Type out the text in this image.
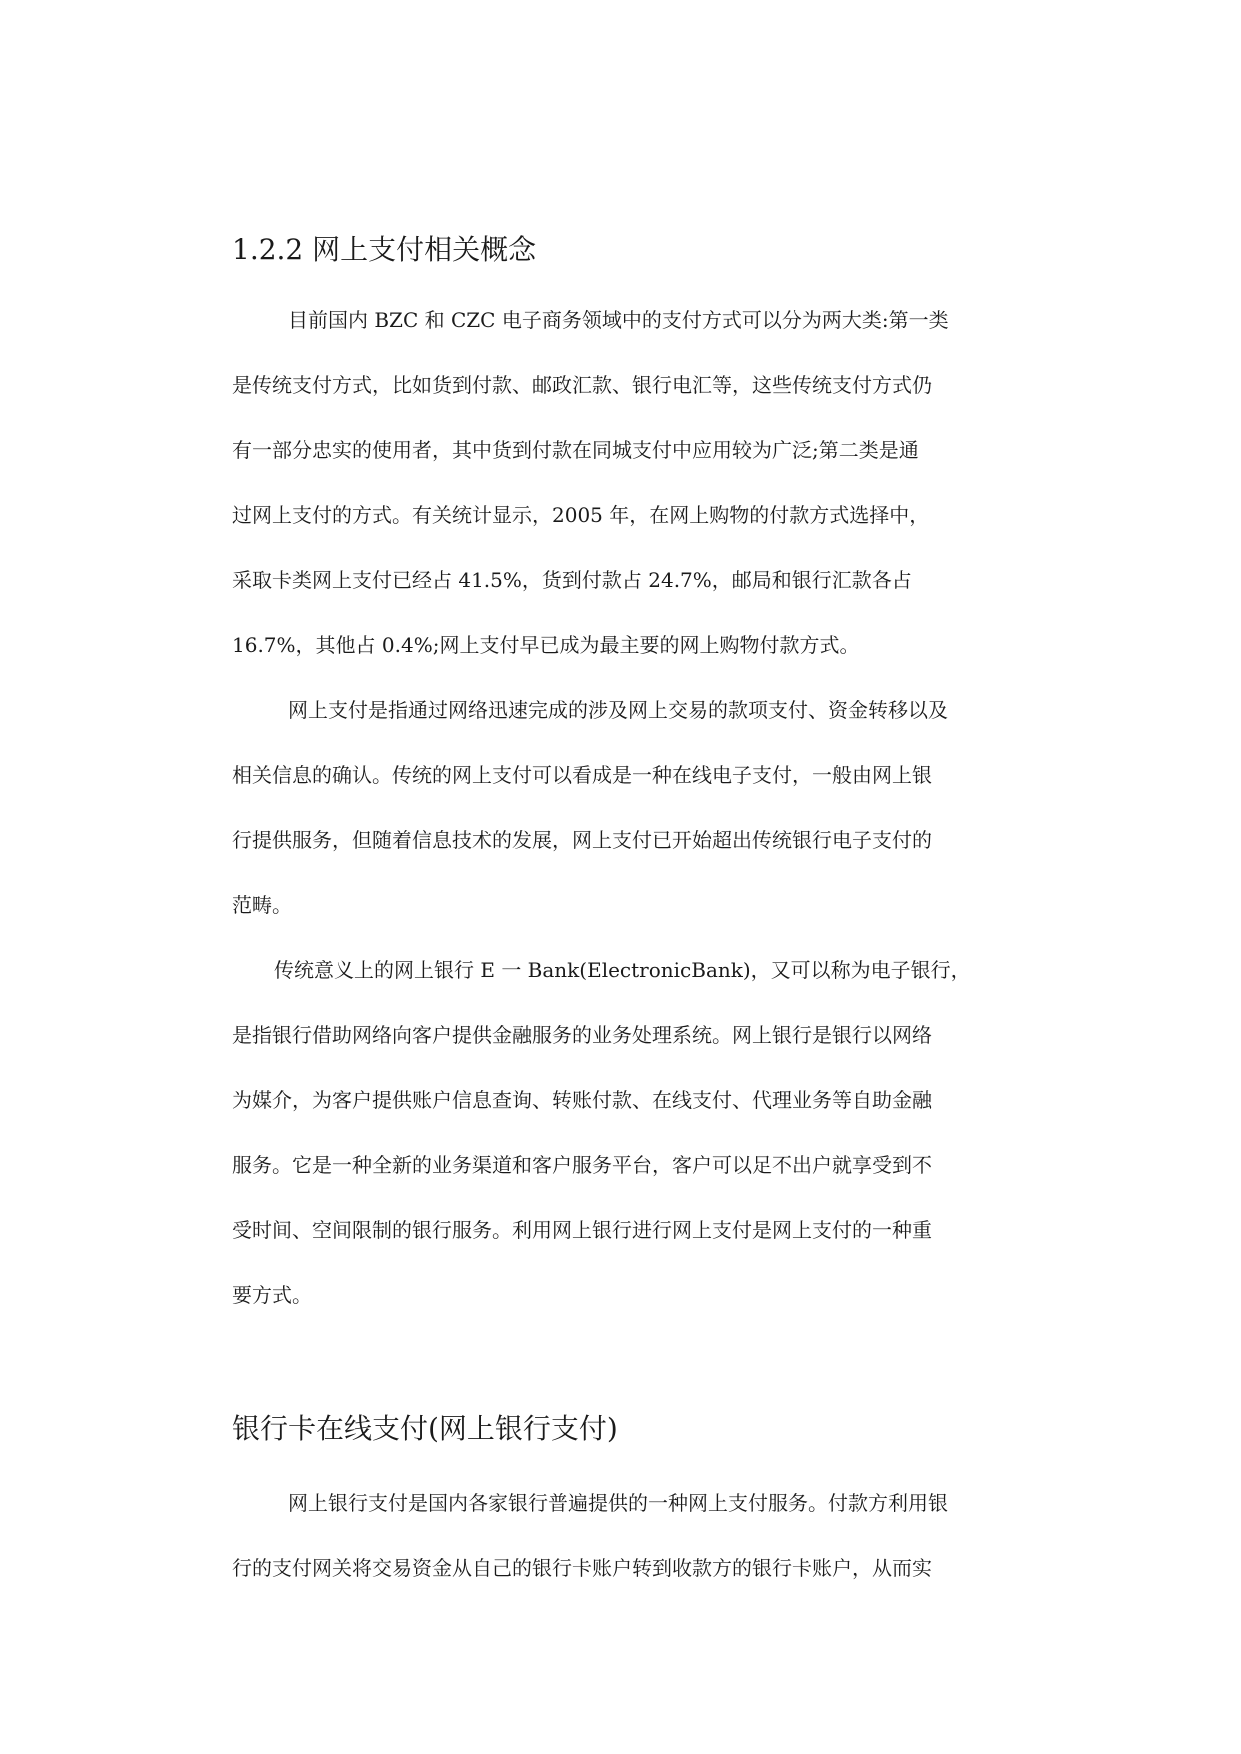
1.2.2 网上支付相关概念

目前国内 BZC 和 CZC 电子商务领域中的支付方式可以分为两大类:第一类

是传统支付方式，比如货到付款、邮政汇款、银行电汇等，这些传统支付方式仍

有一部分忠实的使用者，其中货到付款在同城支付中应用较为广泛;第二类是通

过网上支付的方式。有关统计显示，2005 年，在网上购物的付款方式选择中，

采取卡类网上支付已经占 41.5%，货到付款占 24.7%，邮局和银行汇款各占

16.7%，其他占 0.4%;网上支付早已成为最主要的网上购物付款方式。

网上支付是指通过网络迅速完成的涉及网上交易的款项支付、资金转移以及

相关信息的确认。传统的网上支付可以看成是一种在线电子支付，一般由网上银

行提供服务，但随着信息技术的发展，网上支付已开始超出传统银行电子支付的

范畴。

传统意义上的网上银行 E 一 Bank(ElectronicBank)，又可以称为电子银行，

是指银行借助网络向客户提供金融服务的业务处理系统。网上银行是银行以网络

为媒介，为客户提供账户信息查询、转账付款、在线支付、代理业务等自助金融

服务。它是一种全新的业务渠道和客户服务平台，客户可以足不出户就享受到不

受时间、空间限制的银行服务。利用网上银行进行网上支付是网上支付的一种重

要方式。

银行卡在线支付(网上银行支付)

网上银行支付是国内各家银行普遍提供的一种网上支付服务。付款方利用银

行的支付网关将交易资金从自己的银行卡账户转到收款方的银行卡账户，从而实
